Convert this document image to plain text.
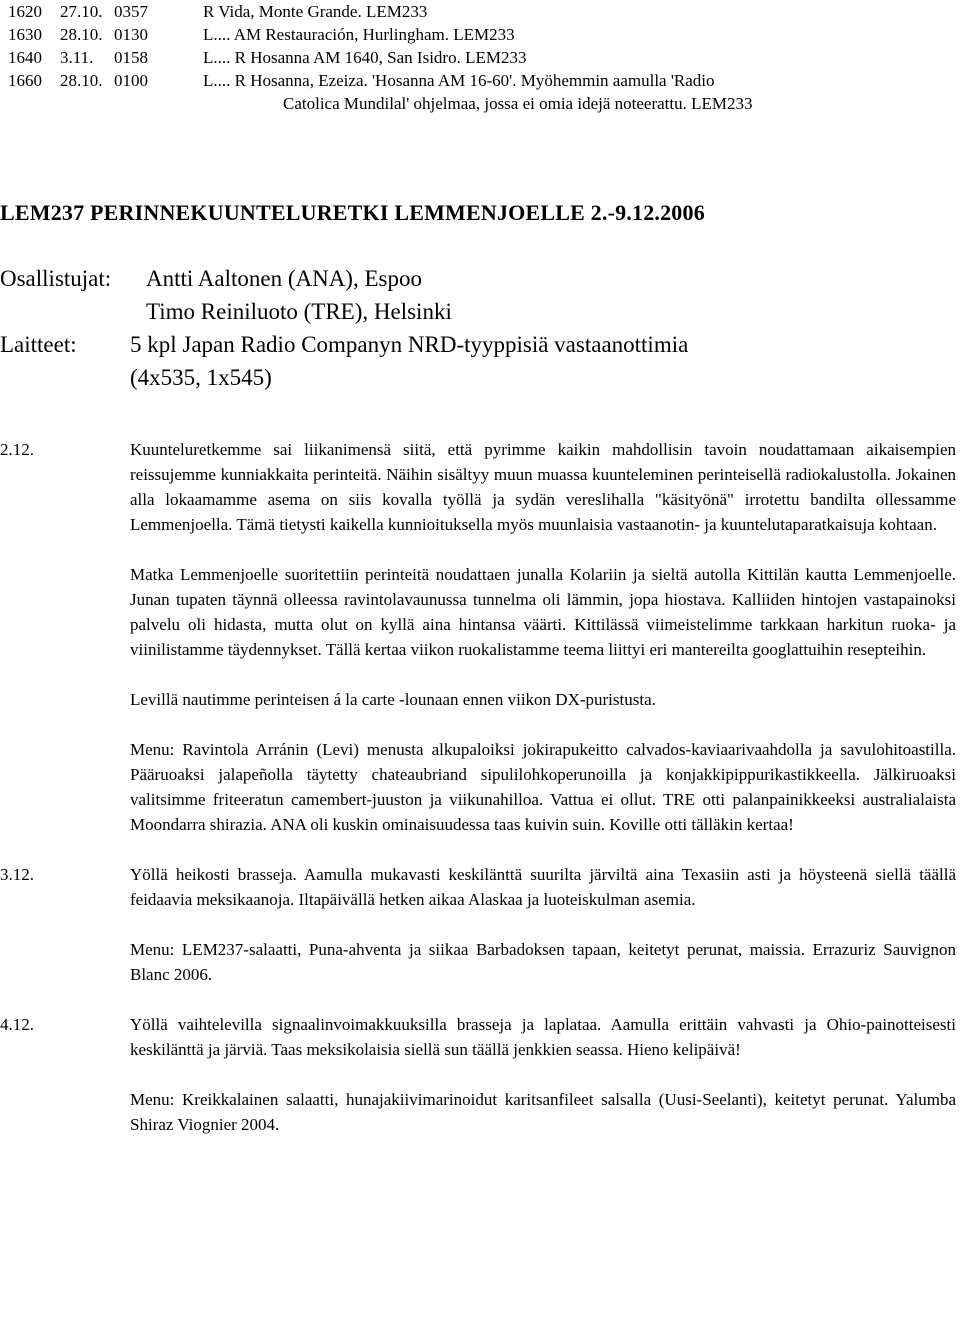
1620	27.10. 0357	R Vida, Monte Grande. LEM233
1630	28.10. 0130	L.... AM Restauración, Hurlingham. LEM233
1640	3.11.	0158	L.... R Hosanna AM 1640, San Isidro. LEM233
1660	28.10. 0100	L.... R Hosanna, Ezeiza. 'Hosanna AM 16-60'. Myöhemmin aamulla 'Radio
Catolica Mundilal' ohjelmaa, jossa ei omia idejä noteerattu. LEM233
LEM237 PERINNEKUUNTELURETKI LEMMENJOELLE 2.-9.12.2006
Osallistujat:	Antti Aaltonen (ANA), Espoo
Timo Reiniluoto (TRE), Helsinki
Laitteet:	5 kpl Japan Radio Companyn NRD-tyyppisiä vastaanottimia
(4x535, 1x545)
2.12.	Kuunteluretkemme sai liikanimensä siitä, että pyrimme kaikin mahdollisin tavoin noudattamaan aikaisempien reissujemme kunniakkaita perinteitä. Näihin sisältyy muun muassa kuunteleminen perinteisellä radiokalustolla. Jokainen alla lokaamamme asema on siis kovalla työllä ja sydän vereslihalla "käsityönä" irrotettu bandilta ollessamme Lemmenjoella. Tämä tietysti kaikella kunnioituksella myös muunlaisia vastaanotin- ja kuuntelutaparatkaisuja kohtaan.

Matka Lemmenjoelle suoritettiin perinteitä noudattaen junalla Kolariin ja sieltä autolla Kittilän kautta Lemmenjoelle. Junan tupaten täynnä olleessa ravintolavaunussa tunnelma oli lämmin, jopa hiostava. Kalliiden hintojen vastapainoksi palvelu oli hidasta, mutta olut on kyllä aina hintansa väärti. Kittilässä viimeistelimme tarkkaan harkitun ruoka- ja viinilistamme täydennykset. Tällä kertaa viikon ruokalistamme teema liittyi eri mantereilta googlattuihin resepteihin.

Levillä nautimme perinteisen á la carte -lounaan ennen viikon DX-puristusta.

Menu: Ravintola Arránin (Levi) menusta alkupaloiksi jokirapukeitto calvados-kaviaarivaahdolla ja savulohitoastilla. Pääruoaksi jalapeñolla täytetty chateaubriand sipulilohkoperunoilla ja konjakkipippurikastikkeella. Jälkiruoaksi valitsimme friteeratun camembert-juuston ja viikunahilloa. Vattua ei ollut. TRE otti palanpainikkeeksi australialaista Moondarra shirazia. ANA oli kuskin ominaisuudessa taas kuivin suin. Koville otti tälläkin kertaa!

3.12.	Yöllä heikosti brasseja. Aamulla mukavasti keskilänttä suurilta järviltä aina Texasiin asti ja höysteenä siellä täällä feidaavia meksikaanoja. Iltapäivällä hetken aikaa Alaskaa ja luoteiskulman asemia.

Menu: LEM237-salaatti, Puna-ahventa ja siikaa Barbadoksen tapaan, keitetyt perunat, maissia. Errazuriz Sauvignon Blanc 2006.

4.12.	Yöllä vaihtelevilla signaalinvoimakkuuksilla brasseja ja laplataa. Aamulla erittäin vahvasti ja Ohio-painotteisesti keskilänttä ja järviä. Taas meksikolaisia siellä sun täällä jenkkien seassa. Hieno kelipäivä!

Menu: Kreikkalainen salaatti, hunajakiivimarinoidut karitsanfileet salsalla (Uusi-Seelanti), keitetyt perunat. Yalumba Shiraz Viognier 2004.
